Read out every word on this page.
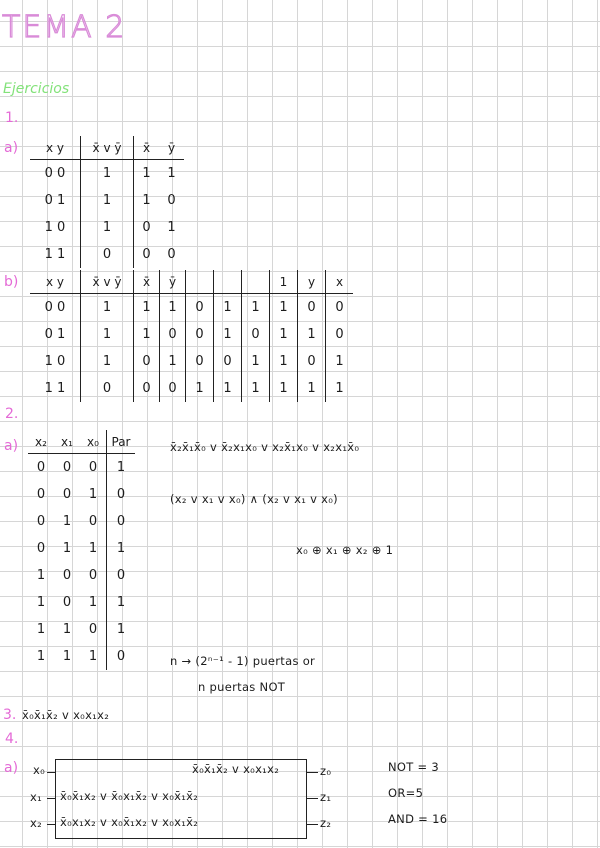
TEMA 2
Ejercicios
1.
a) x y	x̄ v ȳ	x̄	ȳ
0 0	1	1	1
0 1	1	1	0
1 0	1	0	1
1 1	0	0	0
b) x y	x̄ v ȳ	x̄	ȳ				1	y	x
0 0	1	1	1	0	1	1	1	0	0
0 1	1	1	0	0	1	0	1	1	0
1 0	1	0	1	0	0	1	1	0	1
1 1	0	0	0	1	1	1	1	1	1
2.
a) x₂	x₁	x₀	Par
0	0	0	1
0	0	1	0
0	1	0	0
0	1	1	1
1	0	0	0
1	0	1	1
1	1	0	1
1	1	1	0
x̄₂x̄₁x̄₀ v x̄₂x₁x₀ v x₂x̄₁x₀ v x₂x₁x̄₀
(x₂ v x₁ v x₀) ∧ (x₂ v x₁ v x₀)
x₀ ⊕ x₁ ⊕ x₂ ⊕ 1
n → (2ⁿ⁻¹ - 1) puertas or
n puertas NOT
3. x̄₀x̄₁x̄₂ v x₀x₁x₂
4.
a) x₀
x₁
x₂
x̄₀x̄₁x̄₂ v x₀x₁x₂
x̄₀x̄₁x₂ v x̄₀x₁x̄₂ v x₀x̄₁x̄₂
x̄₀x₁x₂ v x₀x̄₁x₂ v x₀x₁x̄₂
z₀
z₁
z₂
NOT = 3
OR=5
AND = 16
